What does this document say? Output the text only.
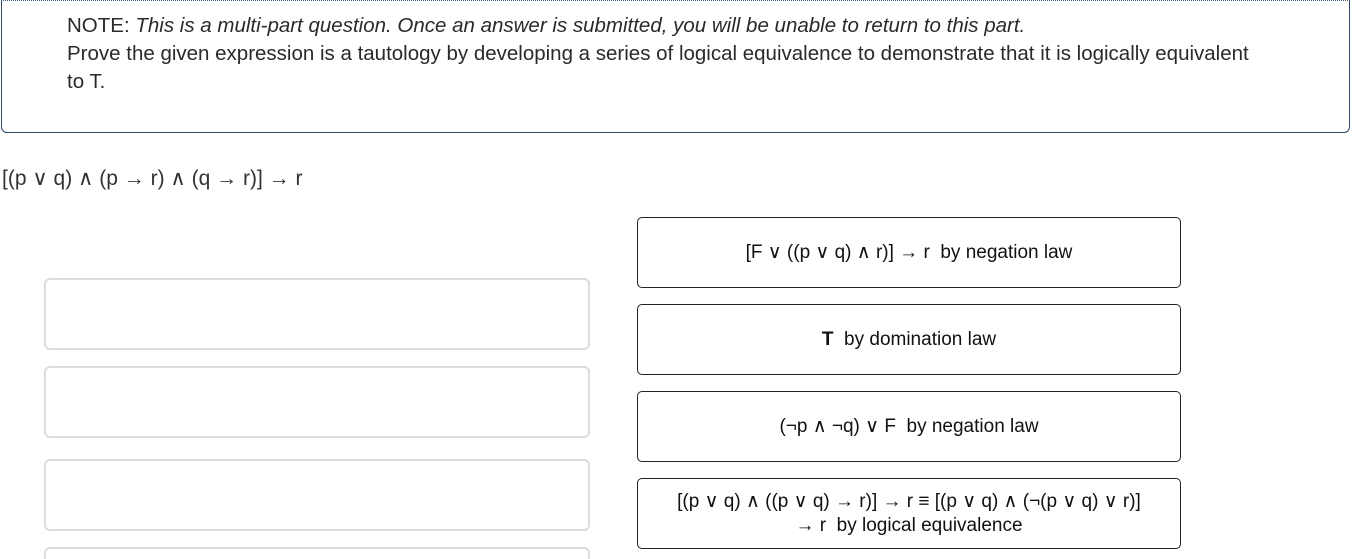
NOTE: This is a multi-part question. Once an answer is submitted, you will be unable to return to this part.
Prove the given expression is a tautology by developing a series of logical equivalence to demonstrate that it is logically equivalent to T.
[(p ∨ q) ∧ (p → r) ∧ (q → r)] → r
[F ∨ ((p ∨ q) ∧ r)] → r by negation law
T by domination law
(¬p ∧ ¬q) ∨ F by negation law
[(p ∨ q) ∧ ((p ∨ q) → r)] → r ≡ [(p ∨ q) ∧ (¬(p ∨ q) ∨ r)] → r by logical equivalence
